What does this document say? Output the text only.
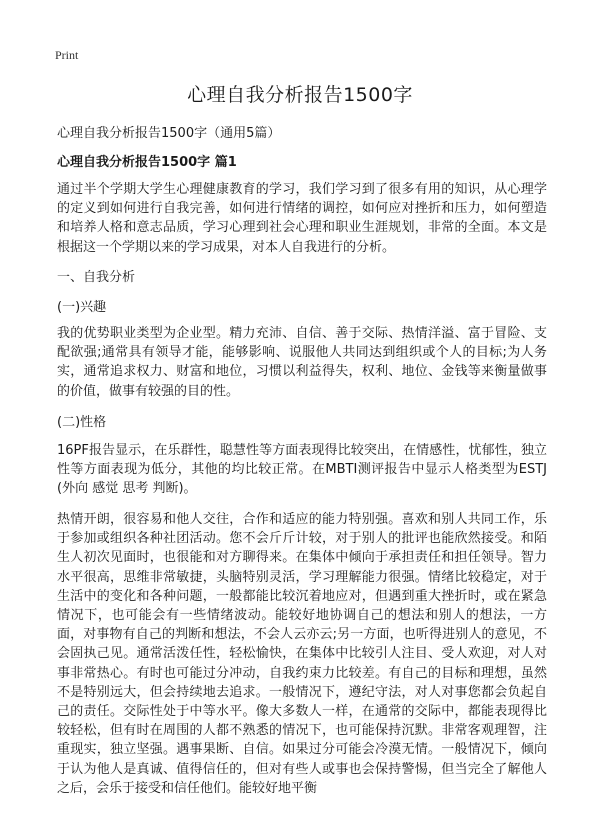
Print
心理自我分析报告1500字
心理自我分析报告1500字（通用5篇）
心理自我分析报告1500字 篇1
通过半个学期大学生心理健康教育的学习，我们学习到了很多有用的知识，从心理学的定义到如何进行自我完善，如何进行情绪的调控，如何应对挫折和压力，如何塑造和培养人格和意志品质，学习心理到社会心理和职业生涯规划，非常的全面。本文是根据这一个学期以来的学习成果，对本人自我进行的分析。
一、自我分析
(一)兴趣
我的优势职业类型为企业型。精力充沛、自信、善于交际、热情洋溢、富于冒险、支配欲强;通常具有领导才能，能够影响、说服他人共同达到组织或个人的目标;为人务实，通常追求权力、财富和地位，习惯以利益得失，权利、地位、金钱等来衡量做事的价值，做事有较强的目的性。
(二)性格
16PF报告显示，在乐群性，聪慧性等方面表现得比较突出，在情感性，忧郁性，独立性等方面表现为低分，其他的均比较正常。在MBTI测评报告中显示人格类型为ESTJ(外向 感觉 思考 判断)。
热情开朗，很容易和他人交往，合作和适应的能力特别强。喜欢和别人共同工作，乐于参加或组织各种社团活动。您不会斤斤计较，对于别人的批评也能欣然接受。和陌生人初次见面时，也很能和对方聊得来。在集体中倾向于承担责任和担任领导。智力水平很高，思维非常敏捷，头脑特别灵活，学习理解能力很强。情绪比较稳定，对于生活中的变化和各种问题，一般都能比较沉着地应对，但遇到重大挫折时，或在紧急情况下，也可能会有一些情绪波动。能较好地协调自己的想法和别人的想法，一方面，对事物有自己的判断和想法，不会人云亦云;另一方面，也听得进别人的意见，不会固执己见。通常活泼任性，轻松愉快，在集体中比较引人注目、受人欢迎，对人对事非常热心。有时也可能过分冲动，自我约束力比较差。有自己的目标和理想，虽然不是特别远大，但会持续地去追求。一般情况下，遵纪守法，对人对事您都会负起自己的责任。交际性处于中等水平。像大多数人一样，在通常的交际中，都能表现得比较轻松，但有时在周围的人都不熟悉的情况下，也可能保持沉默。非常客观理智，注重现实，独立坚强。遇事果断、自信。如果过分可能会冷漠无情。一般情况下，倾向于认为他人是真诚、值得信任的，但对有些人或事也会保持警惕，但当完全了解他人之后，会乐于接受和信任他们。能较好地平衡
